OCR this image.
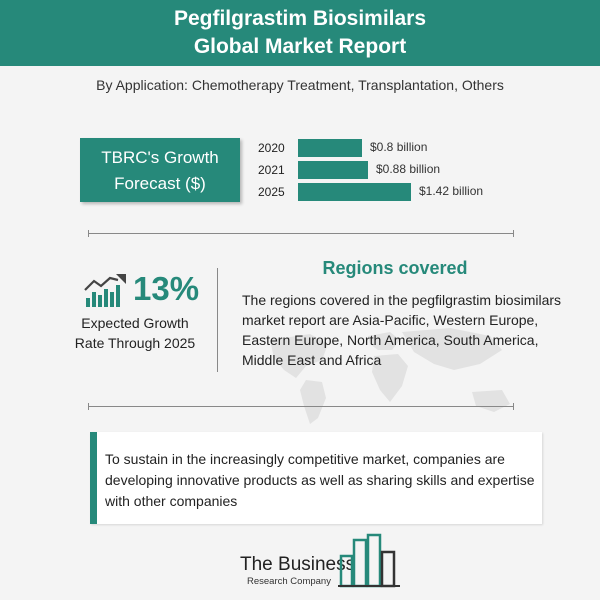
Pegfilgrastim Biosimilars
Global Market Report
By Application: Chemotherapy Treatment, Transplantation, Others
TBRC's Growth
Forecast ($)
2020	$0.8 billion
2021	$0.88 billion
2025	$1.42 billion
13%
Expected Growth Rate Through 2025
Regions covered
The regions covered in the pegfilgrastim biosimilars market report are Asia-Pacific, Western Europe, Eastern Europe, North America, South America, Middle East and Africa
To sustain in the increasingly competitive market, companies are developing innovative products as well as sharing skills and expertise with other companies
The Business
Research Company
